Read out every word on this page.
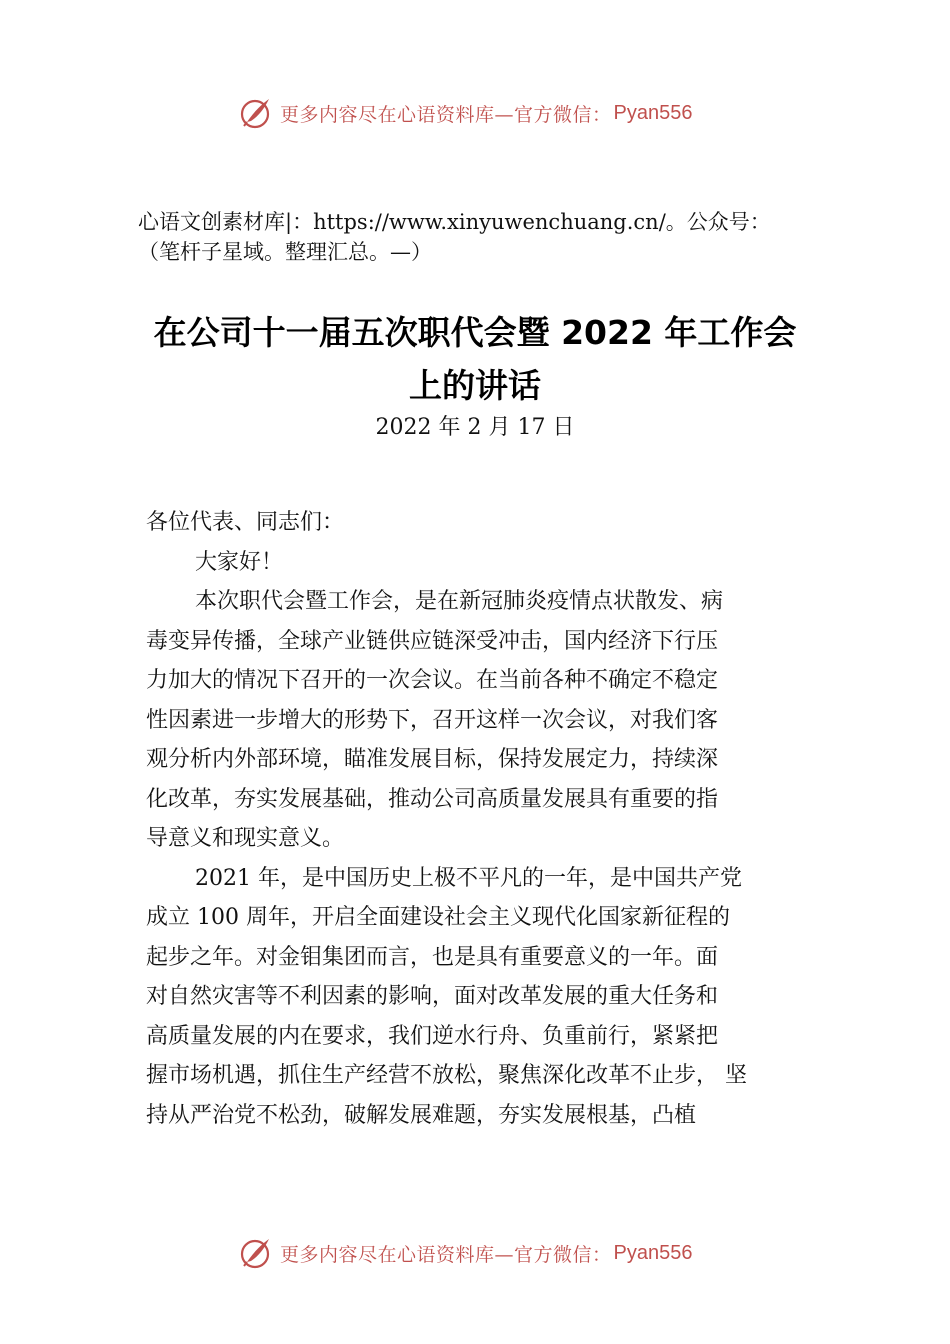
更多内容尽在心语资料库—官方微信： Pyan556
心语文创素材库|：https://www.xinyuwenchuang.cn/。公众号：
（笔杆子星域。整理汇总。—）
在公司十一届五次职代会暨 2022 年工作会
上的讲话
2022 年 2 月 17 日
各位代表、同志们：
大家好！
本次职代会暨工作会，是在新冠肺炎疫情点状散发、病
毒变异传播，全球产业链供应链深受冲击，国内经济下行压
力加大的情况下召开的一次会议。在当前各种不确定不稳定
性因素进一步增大的形势下，召开这样一次会议，对我们客
观分析内外部环境，瞄准发展目标，保持发展定力，持续深
化改革，夯实发展基础，推动公司高质量发展具有重要的指
导意义和现实意义。
2021 年，是中国历史上极不平凡的一年，是中国共产党
成立 100 周年，开启全面建设社会主义现代化国家新征程的
起步之年。对金钼集团而言，也是具有重要意义的一年。面
对自然灾害等不利因素的影响，面对改革发展的重大任务和
高质量发展的内在要求，我们逆水行舟、负重前行，紧紧把
握市场机遇，抓住生产经营不放松，聚焦深化改革不止步， 坚
持从严治党不松劲，破解发展难题，夯实发展根基，凸植
更多内容尽在心语资料库—官方微信： Pyan556
